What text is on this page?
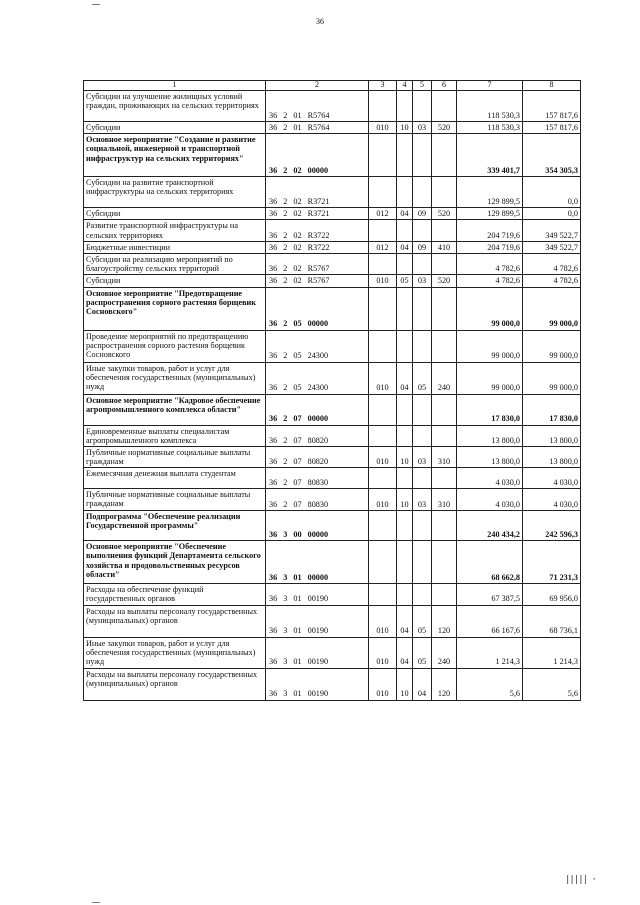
36
1	2	3	4	5	6	7	8
Субсидии на улучшение жилищных условий граждан, проживающих на сельских территориях	36 2 01 R5764					118 530,3	157 817,6
Субсидии	36 2 01 R5764	010	10	03	520	118 530,3	157 817,6
Основное мероприятие "Создание и развитие социальной, инженерной и транспортной инфраструктур на сельских территориях"	36 2 02 00000					339 401,7	354 305,3
Субсидии на развитие транспортной инфраструктуры на сельских территориях	36 2 02 R3721					129 899,5	0,0
Субсидии	36 2 02 R3721	012	04	09	520	129 899,5	0,0
Развитие транспортной инфраструктуры на сельских территориях	36 2 02 R3722					204 719,6	349 522,7
Бюджетные инвестиции	36 2 02 R3722	012	04	09	410	204 719,6	349 522,7
Субсидии на реализацию мероприятий по благоустройству сельских территорий	36 2 02 R5767					4 782,6	4 782,6
Субсидии	36 2 02 R5767	010	05	03	520	4 782,6	4 782,6
Основное мероприятие "Предотвращение распространения сорного растения борщевик Сосновского"	36 2 05 00000					99 000,0	99 000,0
Проведение мероприятий по предотвращению распространения сорного растения борщевик Сосновского	36 2 05 24300					99 000,0	99 000,0
Иные закупки товаров, работ и услуг для обеспечения государственных (муниципальных) нужд	36 2 05 24300	010	04	05	240	99 000,0	99 000,0
Основное мероприятие "Кадровое обеспечение агропромышленного комплекса области"	36 2 07 00000					17 830,0	17 830,0
Единовременные выплаты специалистам агропромышленного комплекса	36 2 07 80820					13 800,0	13 800,0
Публичные нормативные социальные выплаты гражданам	36 2 07 80820	010	10	03	310	13 800,0	13 800,0
Ежемесячная денежная выплата студентам	36 2 07 80830					4 030,0	4 030,0
Публичные нормативные социальные выплаты гражданам	36 2 07 80830	010	10	03	310	4 030,0	4 030,0
Подпрограмма "Обеспечение реализации Государственной программы"	36 3 00 00000					240 434,2	242 596,3
Основное мероприятие "Обеспечение выполнения функций Департамента сельского хозяйства и продовольственных ресурсов области"	36 3 01 00000					68 662,8	71 231,3
Расходы на обеспечение функций государственных органов	36 3 01 00190					67 387,5	69 956,0
Расходы на выплаты персоналу государственных (муниципальных) органов	36 3 01 00190	010	04	05	120	66 167,6	68 736,1
Иные закупки товаров, работ и услуг для обеспечения государственных (муниципальных) нужд	36 3 01 00190	010	04	05	240	1 214,3	1 214,3
Расходы на выплаты персоналу государственных (муниципальных) органов	36 3 01 00190	010	10	04	120	5,6	5,6
||||| ·
